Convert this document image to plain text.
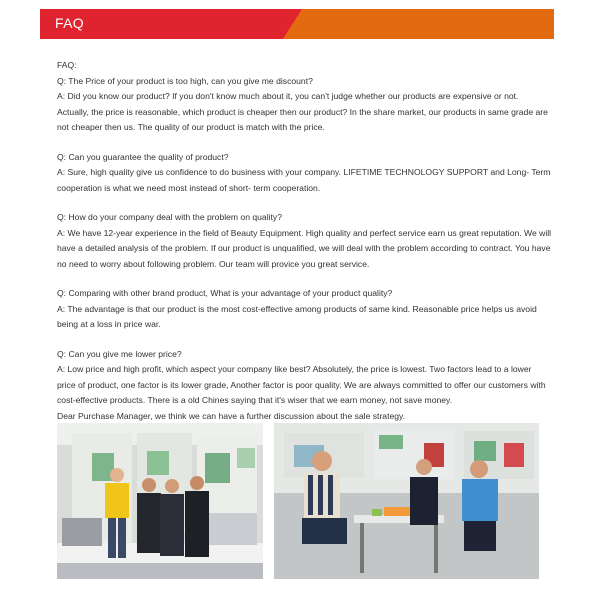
FAQ

FAQ:

Q: The Price of your product is too high, can you give me discount?

A: Did you know our product? If you don't know much about it, you can't judge whether our products are expensive or not. Actually, the price is reasonable, which product is cheaper then our product? In the share market, our products in same grade are not cheaper then us. The quality of our product is match with the price.

Q: Can you guarantee the quality of product?

A: Sure, high quality give us confidence to do business with your company. LIFETIME TECHNOLOGY SUPPORT and Long- Term cooperation is what we need most instead of short- term cooperation.

Q: How do your company deal with the problem on quality?

A: We have 12-year experience in the field of Beauty Equipment. High quality and perfect service earn us great reputation. We will have a detailed analysis of the problem. If our product is unqualified, we will deal with the problem according to contract. You have no need to worry about following problem. Our team will provice you great service.

Q: Comparing with other brand product, What is your advantage of your product quality?

A: The advantage is that our product is the most cost-effective among products of same kind. Reasonable price helps us avoid being at a loss in price war.

Q: Can you give me lower price?

A: Low price and high profit, which aspect your company like best? Absolutely, the price is lowest. Two factors lead to a lower price of product, one factor is its lower grade, Another factor is poor quality. We are always committed to offer our customers with cost-effective products. There is a old Chines saying that it's wiser that we earn money, not save money.

Dear Purchase Manager, we think we can have a further discussion about the sale strategy.
